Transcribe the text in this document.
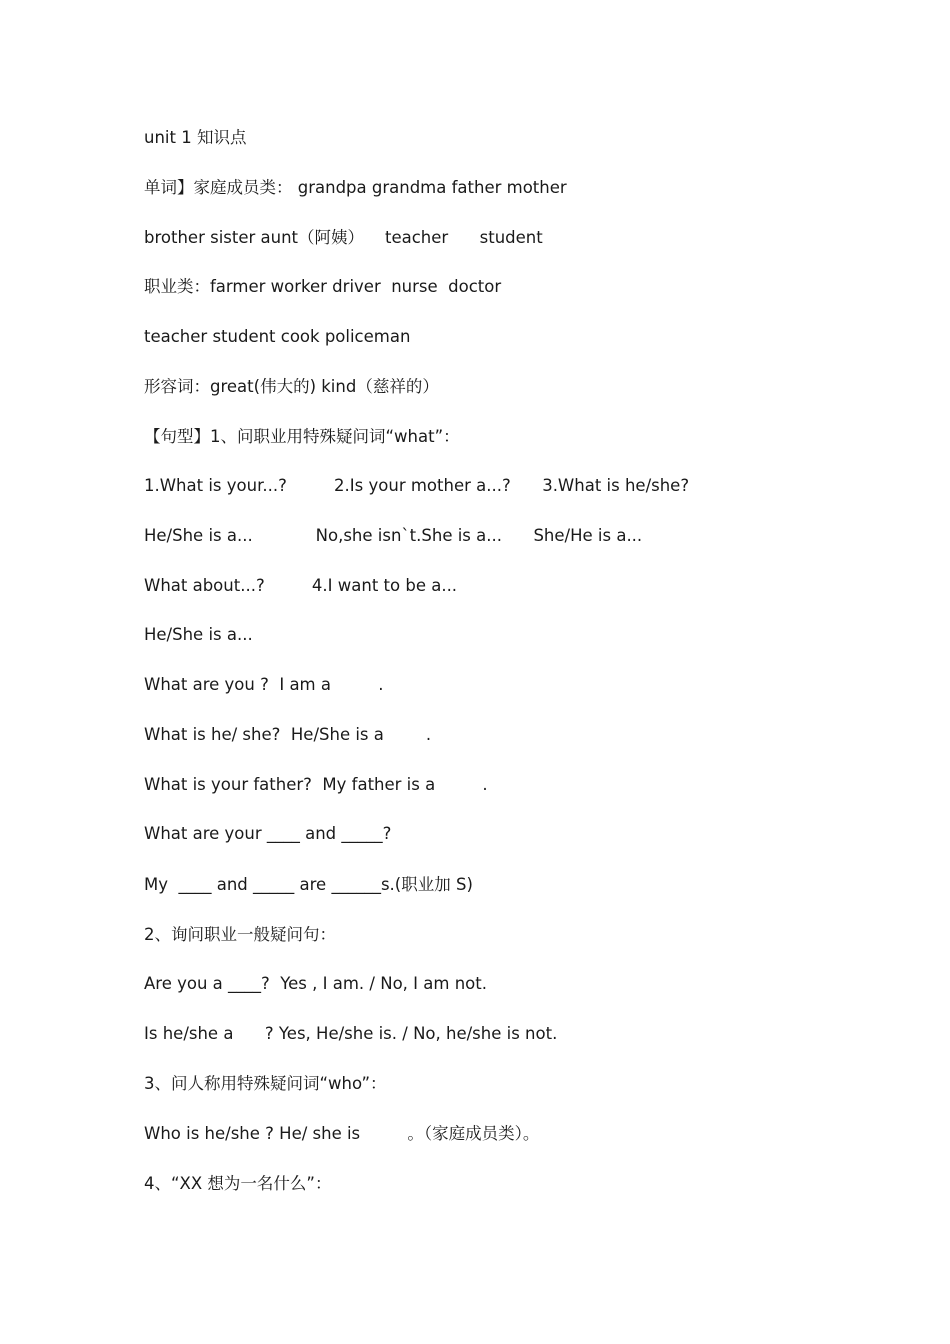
unit 1 知识点
单词】家庭成员类： grandpa grandma father mother
brother sister aunt（阿姨）    teacher      student
职业类：farmer worker driver  nurse  doctor
teacher student cook policeman
形容词：great(伟大的) kind（慈祥的）
【句型】1、问职业用特殊疑问词“what”：
1.What is your...?         2.Is your mother a...?      3.What is he/she?
He/She is a...            No,she isn`t.She is a...      She/He is a...
What about...?         4.I want to be a...
He/She is a...
What are you ?  I am a         .
What is he/ she?  He/She is a        .
What is your father?  My father is a         .
What are your ____ and _____?
My  ____ and _____ are ______s.(职业加 S)
2、询问职业一般疑问句：
Are you a ____?  Yes , I am. / No, I am not.
Is he/she a      ? Yes, He/she is. / No, he/she is not.
3、问人称用特殊疑问词“who”：
Who is he/she ? He/ she is         。（家庭成员类）。
4、“XX 想为一名什么”：
